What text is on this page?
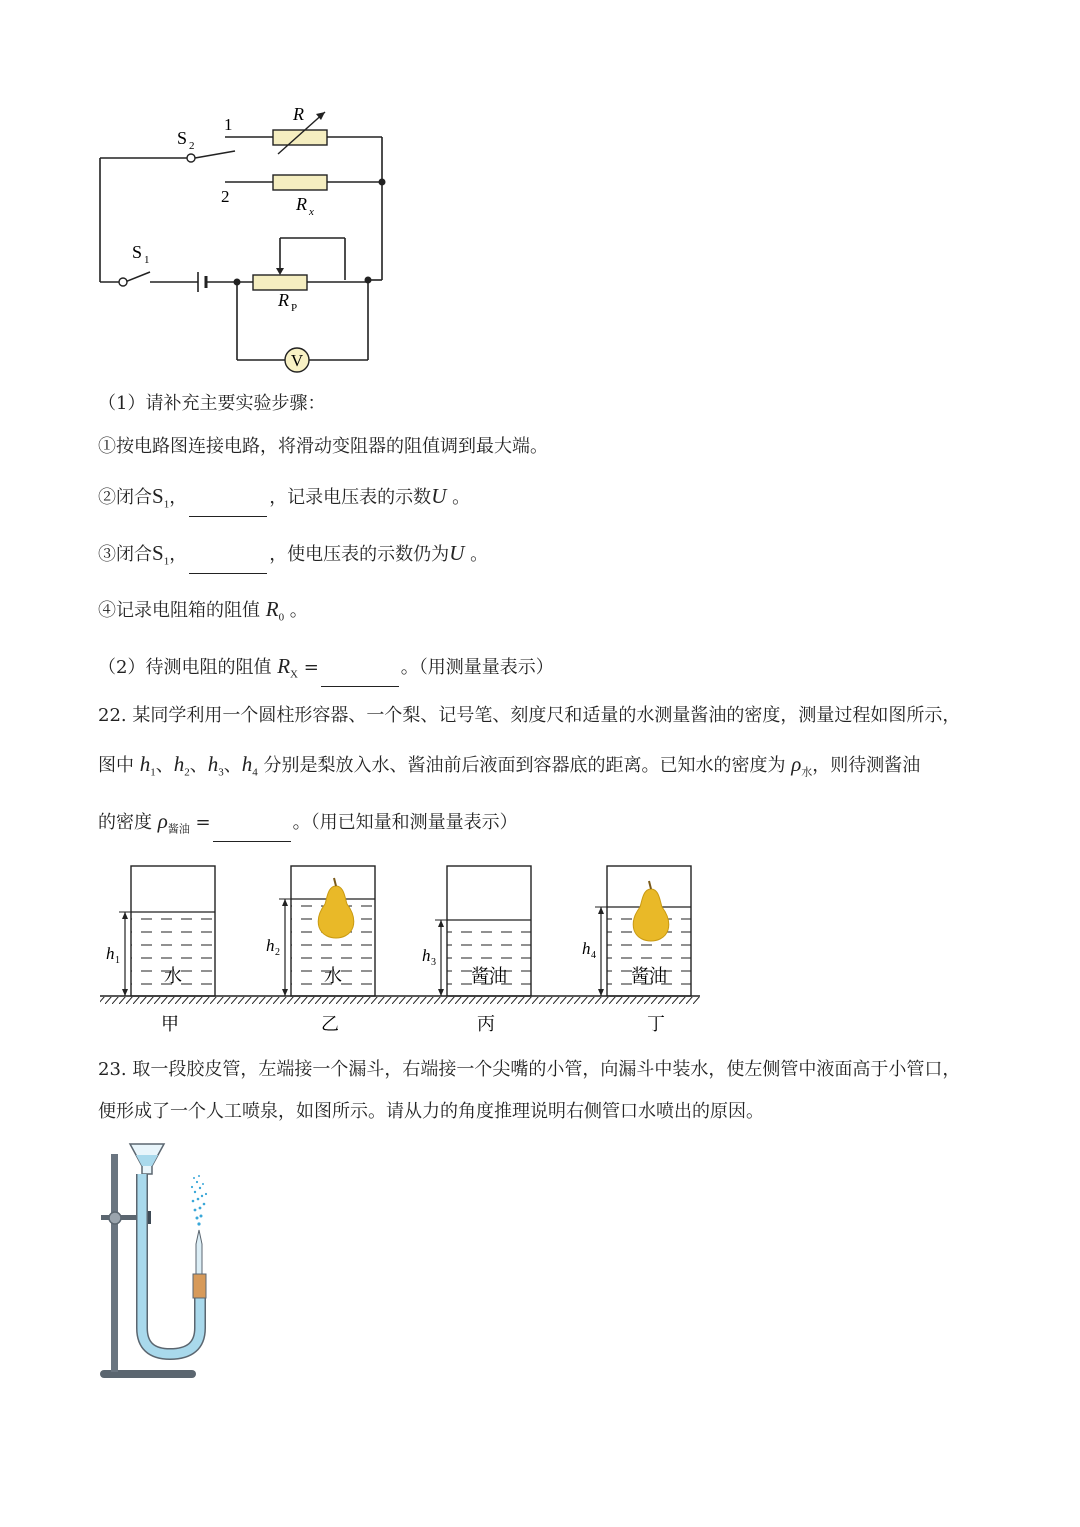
V
1
2
R
R x
S 2
S 1
R P
（1）请补充主要实验步骤：
①按电路图连接电路，将滑动变阻器的阻值调到最大端。
②闭合$S_1$，	，记录电压表的示数U 。
③闭合$S_1$，	，使电压表的示数仍为U 。
④记录电阻箱的阻值 $R_0$ 。
（2）待测电阻的阻值 $R_X$ =	。（用测量量表示）
22. 某同学利用一个圆柱形容器、一个梨、记号笔、刻度尺和适量的水测量酱油的密度，测量过程如图所示，
图中 $h_1$、$h_2$、$h_3$、$h_4$ 分别是梨放入水、酱油前后液面到容器底的距离。已知水的密度为 $\rho_水$，则待测酱油
的密度 $\rho_{酱油}$ =	。（用已知量和测量量表示）
h 1
h 2	h 3
h 4
水	水	酱油	酱油
甲	乙	丙	丁
23. 取一段胶皮管，左端接一个漏斗，右端接一个尖嘴的小管，向漏斗中装水，使左侧管中液面高于小管口，
便形成了一个人工喷泉，如图所示。请从力的角度推理说明右侧管口水喷出的原因。
